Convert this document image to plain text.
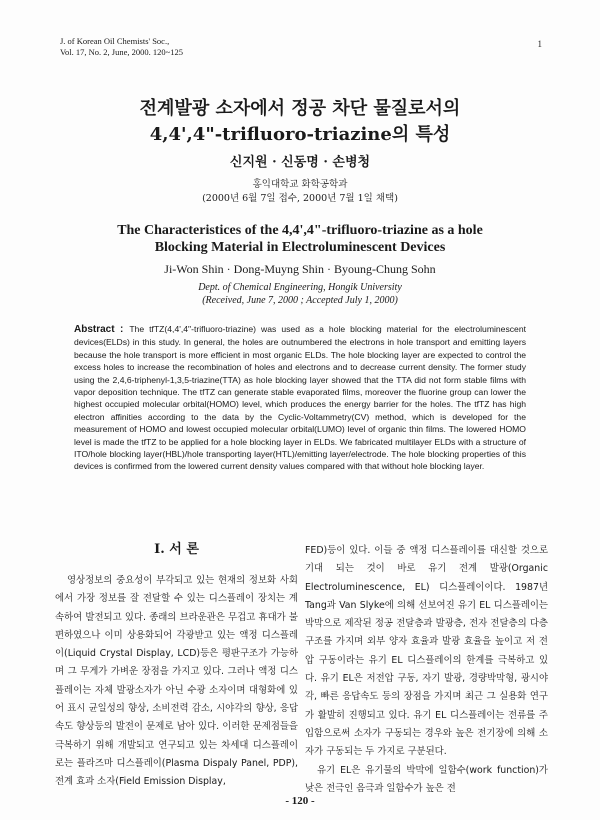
J. of Korean Oil Chemists' Soc.,
Vol. 17, No. 2, June, 2000. 120~125
1
전계발광 소자에서 정공 차단 물질로서의
4,4',4"-trifluoro-triazine의 특성
신지원 · 신동명 · 손병청
홍익대학교 화학공학과
(2000년 6월 7일 접수, 2000년 7월 1일 채택)
The Characteristices of the 4,4',4"-trifluoro-triazine as a hole
Blocking Material in Electroluminescent Devices
Ji-Won Shin · Dong-Muyng Shin · Byoung-Chung Sohn
Dept. of Chemical Engineering, Hongik University
(Received, June 7, 2000 ; Accepted July 1, 2000)
Abstract : The tfTZ(4,4',4"-trifluoro-triazine) was used as a hole blocking material for the electroluminescent devices(ELDs) in this study. In general, the holes are outnumbered the electrons in hole transport and emitting layers because the hole transport is more efficient in most organic ELDs. The hole blocking layer are expected to control the excess holes to increase the recombination of holes and electrons and to decrease current density. The former study using the 2,4,6-triphenyl-1,3,5-triazine(TTA) as hole blocking layer showed that the TTA did not form stable films with vapor deposition technique. The tfTZ can generate stable evaporated films, moreover the fluorine group can lower the highest occupied molecular orbital(HOMO) level, which produces the energy barrier for the holes. The tfTZ has high electron affinities according to the data by the Cyclic-Voltammetry(CV) method, which is developed for the measurement of HOMO and lowest occupied molecular orbital(LUMO) level of organic thin films. The lowered HOMO level is made the tfTZ to be applied for a hole blocking layer in ELDs. We fabricated multilayer ELDs with a structure of ITO/hole blocking layer(HBL)/hole transporting layer(HTL)/emitting layer/electrode. The hole blocking properties of this devices is confirmed from the lowered current density values compared with that without hole blocking layer.
Ⅰ. 서 론

영상정보의 중요성이 부각되고 있는 현재의 정보화 사회에서 가장 정보를 잘 전달할 수 있는 디스플레이 장치는 계속하여 발전되고 있다. 종래의 브라운관은 무겁고 휴대가 불편하였으나 이미 상용화되어 각광받고 있는 액정 디스플레이(Liquid Crystal Display, LCD)등은 평판구조가 가능하며 그 무게가 가벼운 장점을 가지고 있다. 그러나 액정 디스플레이는 자체 발광소자가 아닌 수광 소자이며 대형화에 있어 표시 균일성의 향상, 소비전력 감소, 시야각의 향상, 응답 속도 향상등의 발전이 문제로 남아 있다. 이러한 문제점들을 극복하기 위해 개발되고 연구되고 있는 차세대 디스플레이로는 플라즈마 디스플레이(Plasma Dispaly Panel, PDP), 전계 효과 소자(Field Emission Display,

FED)등이 있다. 이들 중 액정 디스플레이를 대신할 것으로 기대 되는 것이 바로 유기 전계 발광(Organic Electroluminescence, EL) 디스플레이이다. 1987년 Tang과 Van Slyke에 의해 선보여진 유기 EL 디스플레이는 박막으로 제작된 정공 전달층과 발광층, 전자 전달층의 다층 구조를 가지며 외부 양자 효율과 발광 효율을 높이고 저 전압 구동이라는 유기 EL 디스플레이의 한계를 극복하고 있다. 유기 EL은 저전압 구동, 자기 발광, 경량박막형, 광시야각, 빠른 응답속도 등의 장점을 가지며 최근 그 실용화 연구가 활발히 진행되고 있다. 유기 EL 디스플레이는 전류를 주입함으로써 소자가 구동되는 경우와 높은 전기장에 의해 소자가 구동되는 두 가지로 구분된다.

유기 EL은 유기물의 박막에 일함수(work function)가 낮은 전극인 음극과 일함수가 높은 전

- 120 -
